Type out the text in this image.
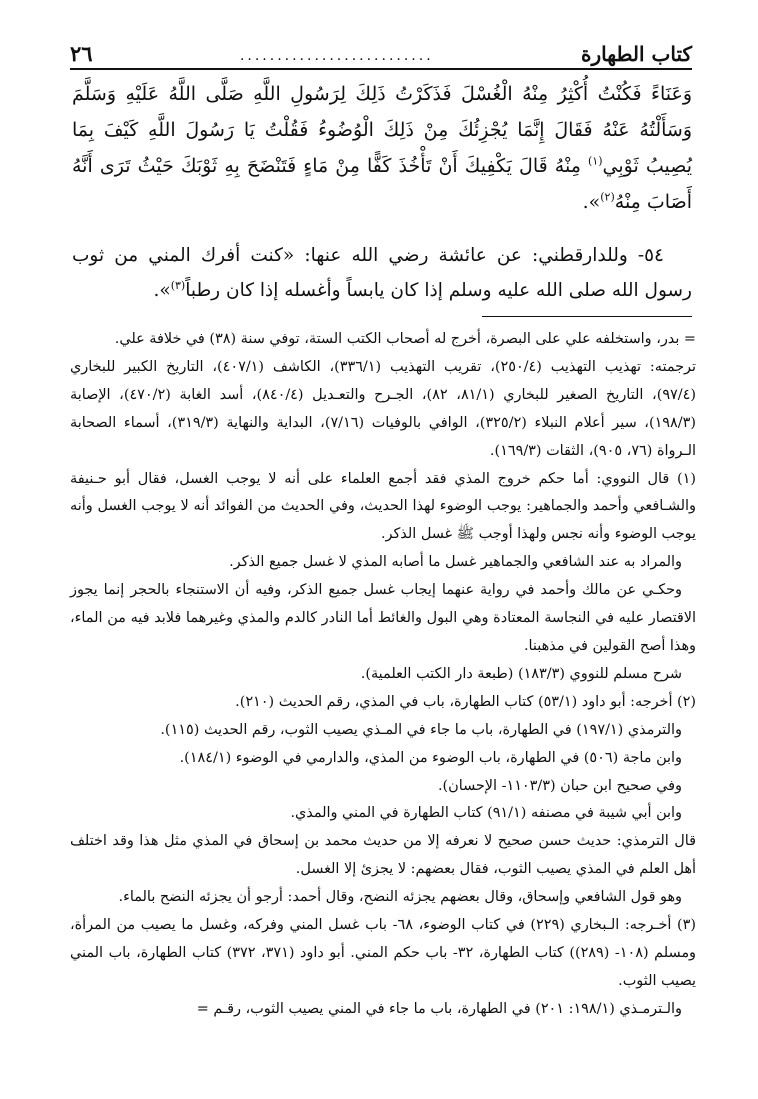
كتاب الطهارة
..........................
٢٦

وَعَنَاءً فَكُنْتُ أُكْثِرُ مِنْهُ الْغُسْلَ فَذَكَرْتُ ذَلِكَ لِرَسُولِ اللَّهِ صَلَّى اللَّهُ عَلَيْهِ وَسَلَّمَ وَسَأَلْتُهُ عَنْهُ فَقَالَ إِنَّمَا يُجْزِئُكَ مِنْ ذَلِكَ الْوُضُوءُ فَقُلْتُ يَا رَسُولَ اللَّهِ كَيْفَ بِمَا يُصِيبُ ثَوْبِي$^{(١)}$ مِنْهُ قَالَ يَكْفِيكَ أَنْ تَأْخُذَ كَفًّا مِنْ مَاءٍ فَتَنْضَحَ بِهِ ثَوْبَكَ حَيْثُ تَرَى أَنَّهُ أَصَابَ مِنْهُ$^{(٢)}$».

٥٤- وللدارقطني: عن عائشة رضي الله عنها: «كنت أفرك المني من ثوب رسول الله صلى الله عليه وسلم إذا كان يابساً وأغسله إذا كان رطباً$^{(٣)}$».

= بدر، واستخلفه علي على البصرة، أخرج له أصحاب الكتب الستة، توفي سنة (٣٨) في خلافة علي.

ترجمته: تهذيب التهذيب (٢٥٠/٤)، تقريب التهذيب (٣٣٦/١)، الكاشف (٤٠٧/١)، التاريخ الكبير للبخاري (٩٧/٤)، التاريخ الصغير للبخاري (٨١/١، ٨٢)، الجـرح والتعـديل (٨٤٠/٤)، أسد الغابة (٤٧٠/٢)، الإصابة (١٩٨/٣)، سير أعلام النبلاء (٣٢٥/٢)، الوافي بالوفيات (٧/١٦)، البداية والنهاية (٣١٩/٣)، أسماء الصحابة الـرواة (٧٦، ٩٠٥)، الثقات (١٦٩/٣).

(١) قال النووي: أما حكم خروج المذي فقد أجمع العلماء على أنه لا يوجب الغسل، فقال أبو حـنيفة والشـافعي وأحمد والجماهير: يوجب الوضوء لهذا الحديث، وفي الحديث من الفوائد أنه لا يوجب الغسل وأنه يوجب الوضوء وأنه نجس ولهذا أوجب ﷺ غسل الذكر.

والمراد به عند الشافعي والجماهير غسل ما أصابه المذي لا غسل جميع الذكر.

وحكـي عن مالك وأحمد في رواية عنهما إيجاب غسل جميع الذكر، وفيه أن الاستنجاء بالحجر إنما يجوز الاقتصار عليه في النجاسة المعتادة وهي البول والغائط أما النادر كالدم والمذي وغيرهما فلابد فيه من الماء، وهذا أصح القولين في مذهبنا.

شرح مسلم للنووي (١٨٣/٣) (طبعة دار الكتب العلمية).

(٢) أخرجه: أبو داود (٥٣/١) كتاب الطهارة، باب في المذي، رقم الحديث (٢١٠).

والترمذي (١٩٧/١) في الطهارة، باب ما جاء في المـذي يصيب الثوب، رقم الحديث (١١٥).

وابن ماجة (٥٠٦) في الطهارة، باب الوضوء من المذي، والدارمي في الوضوء (١٨٤/١).

وفي صحيح ابن حبان (١١٠٣/٣- الإحسان).

وابن أبي شيبة في مصنفه (٩١/١) كتاب الطهارة في المني والمذي.

قال الترمذي: حديث حسن صحيح لا نعرفه إلا من حديث محمد بن إسحاق في المذي مثل هذا وقد اختلف أهل العلم في المذي يصيب الثوب، فقال بعضهم: لا يجزئ إلا الغسل.

وهو قول الشافعي وإسحاق، وقال بعضهم يجزئه النضح، وقال أحمد: أرجو أن يجزئه النضح بالماء.

(٣) أخـرجه: الـبخاري (٢٢٩) في كتاب الوضوء، ٦٨- باب غسل المني وفركه، وغسل ما يصيب من المرأة، ومسلم (١٠٨- (٢٨٩)) كتاب الطهارة، ٣٢- باب حكم المني. أبو داود (٣٧١، ٣٧٢) كتاب الطهارة، باب المني يصيب الثوب.

والـترمـذي (١٩٨/١: ٢٠١) في الطهارة، باب ما جاء في المني يصيب الثوب، رقـم =
